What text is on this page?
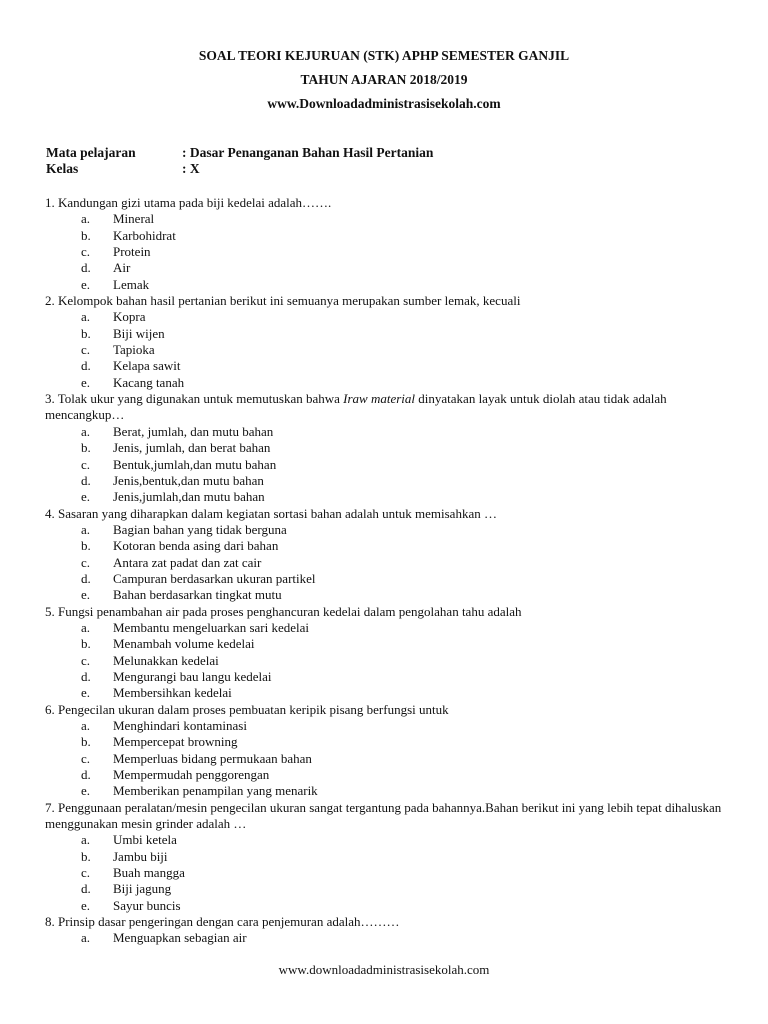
SOAL TEORI KEJURUAN (STK) APHP SEMESTER GANJIL
TAHUN AJARAN 2018/2019
www.Downloadadministrasisekolah.com
Mata pelajaran	: Dasar Penanganan Bahan Hasil Pertanian
Kelas	: X
1. Kandungan gizi utama pada biji kedelai adalah…….
a. Mineral
b. Karbohidrat
c. Protein
d. Air
e. Lemak
2. Kelompok bahan hasil pertanian berikut ini semuanya merupakan sumber lemak, kecuali
a. Kopra
b. Biji wijen
c. Tapioka
d. Kelapa sawit
e. Kacang tanah
3. Tolak ukur yang digunakan untuk memutuskan bahwa Iraw material dinyatakan layak untuk diolah atau tidak adalah mencangkup…
a. Berat, jumlah, dan mutu bahan
b. Jenis, jumlah, dan berat bahan
c. Bentuk,jumlah,dan mutu bahan
d. Jenis,bentuk,dan mutu bahan
e. Jenis,jumlah,dan mutu bahan
4. Sasaran yang diharapkan dalam kegiatan sortasi bahan adalah untuk memisahkan …
a. Bagian bahan yang tidak berguna
b. Kotoran benda asing dari bahan
c. Antara zat padat dan zat cair
d. Campuran berdasarkan ukuran partikel
e. Bahan berdasarkan tingkat mutu
5. Fungsi penambahan air pada proses penghancuran kedelai dalam pengolahan tahu adalah
a. Membantu mengeluarkan sari kedelai
b. Menambah volume kedelai
c. Melunakkan kedelai
d. Mengurangi bau langu kedelai
e. Membersihkan kedelai
6. Pengecilan ukuran dalam proses pembuatan keripik pisang berfungsi untuk
a. Menghindari kontaminasi
b. Mempercepat browning
c. Memperluas bidang permukaan bahan
d. Mempermudah penggorengan
e. Memberikan penampilan yang menarik
7. Penggunaan peralatan/mesin pengecilan ukuran sangat tergantung pada bahannya.Bahan berikut ini yang lebih tepat dihaluskan menggunakan mesin grinder adalah …
a. Umbi ketela
b. Jambu biji
c. Buah mangga
d. Biji jagung
e. Sayur buncis
8. Prinsip dasar pengeringan dengan cara penjemuran adalah………
a. Menguapkan sebagian air
www.downloadadministrasisekolah.com
